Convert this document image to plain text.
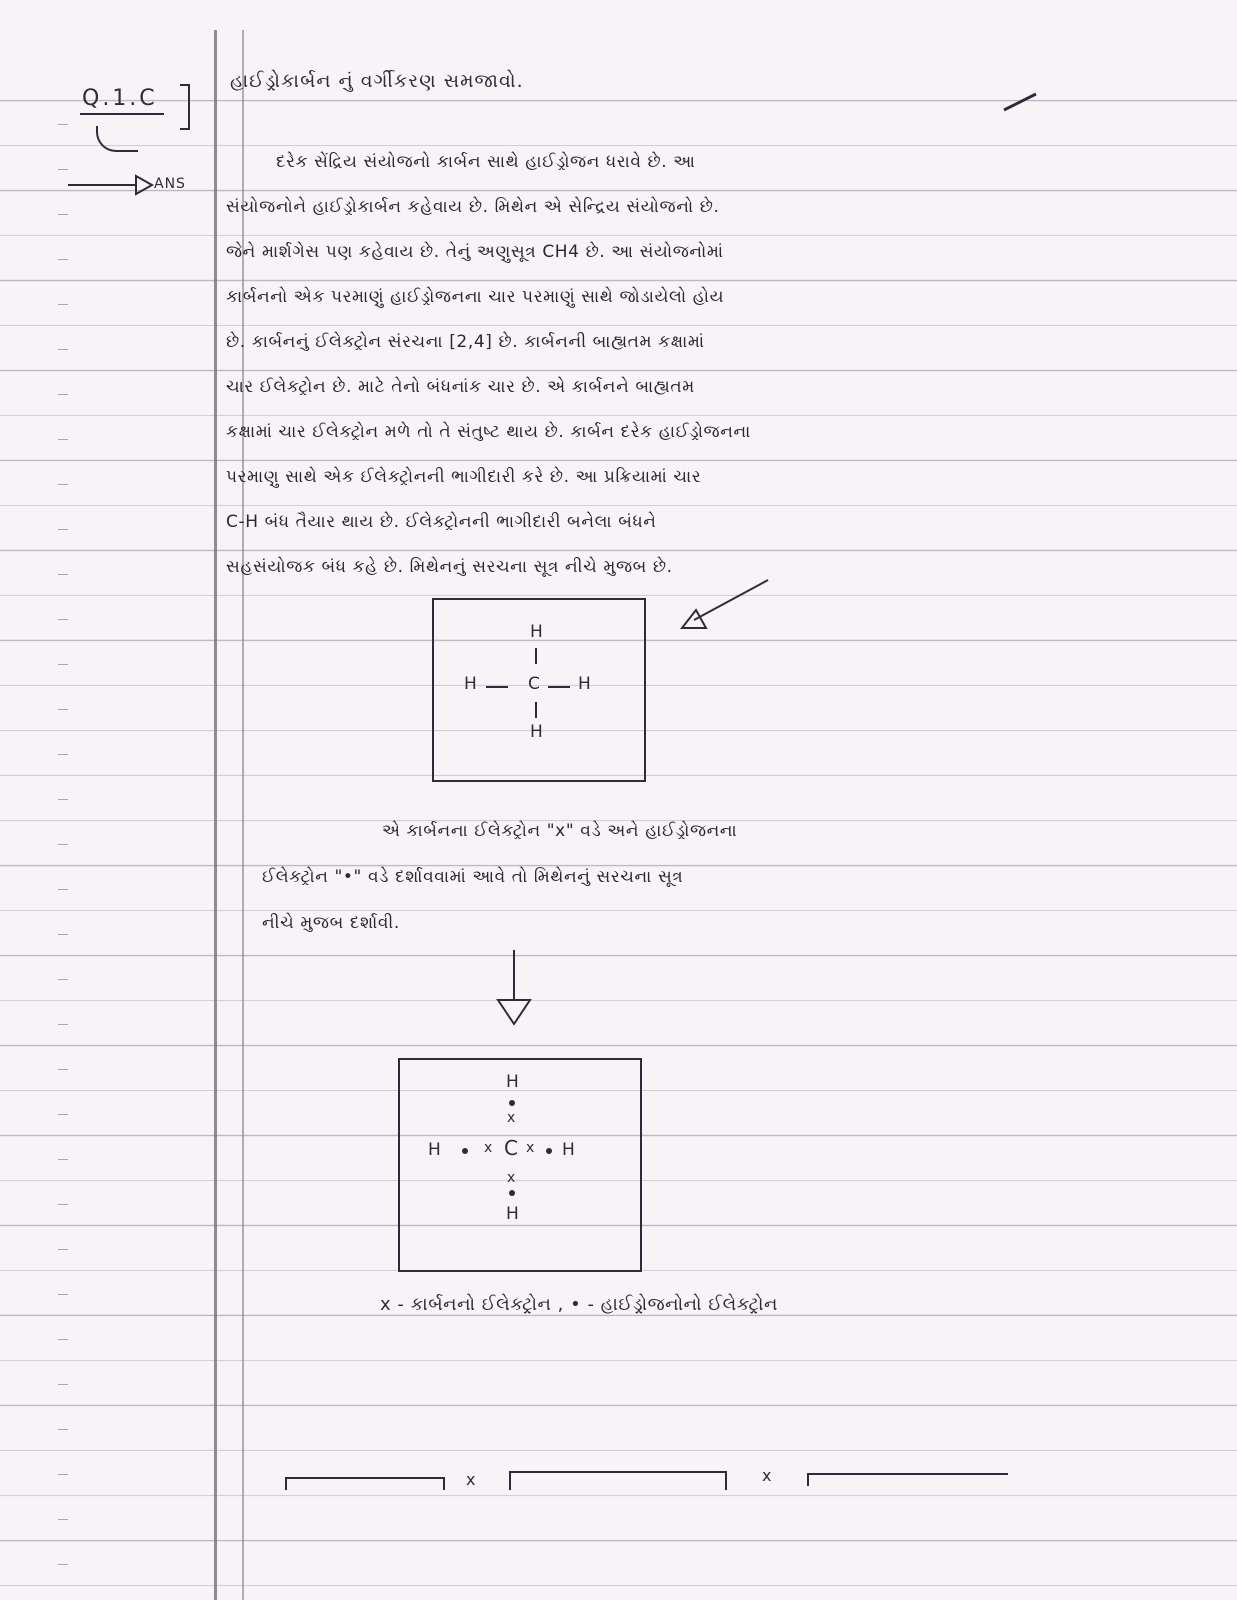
Q.1.C
ANS
હાઈડ્રોકાર્બન નું વર્ગીકરણ સમજાવો.
દરેક સેંદ્રિય સંયોજનો કાર્બન સાથે હાઈડ્રોજન ધરાવે છે. આ
સંયોજનોને હાઈડ્રોકાર્બન કહેવાય છે. મિથેન એ સેન્દ્રિય સંયોજનો છે.
જેને માર્શગેસ પણ કહેવાય છે. તેનું અણુસૂત્ર CH4 છે. આ સંયોજનોમાં
કાર્બનનો એક પરમાણું હાઈડ્રોજનના ચાર પરમાણું સાથે જોડાયેલો હોય
છે. કાર્બનનું ઈલેક્ટ્રોન સંરચના [2,4] છે. કાર્બનની બાહ્યતમ કક્ષામાં
ચાર ઈલેક્ટ્રોન છે. માટે તેનો બંધનાંક ચાર છે. એ કાર્બનને બાહ્યતમ
કક્ષામાં ચાર ઈલેક્ટ્રોન મળે તો તે સંતુષ્ટ થાય છે. કાર્બન દરેક હાઈડ્રોજનના
પરમાણુ સાથે એક ઈલેક્ટ્રોનની ભાગીદારી કરે છે. આ પ્રક્રિયામાં ચાર
C-H બંધ તૈયાર થાય છે. ઈલેક્ટ્રોનની ભાગીદારી બનેલા બંધને
સહસંયોજક બંધ કહે છે. મિથેનનું સરચના સૂત્ર નીચે મુજબ છે.
H
H	C H
H
એ કાર્બનના ઈલેક્ટ્રોન "x" વડે અને હાઈડ્રોજનના
ઈલેક્ટ્રોન "•" વડે દર્શાવવામાં આવે તો મિથેનનું સરચના સૂત્ર
નીચે મુજબ દર્શાવી.
H
x
H	x C x H
x
H
x - કાર્બનનો ઈલેક્ટ્રોન , • - હાઈડ્રોજનોનો ઈલેક્ટ્રોન
x	x
